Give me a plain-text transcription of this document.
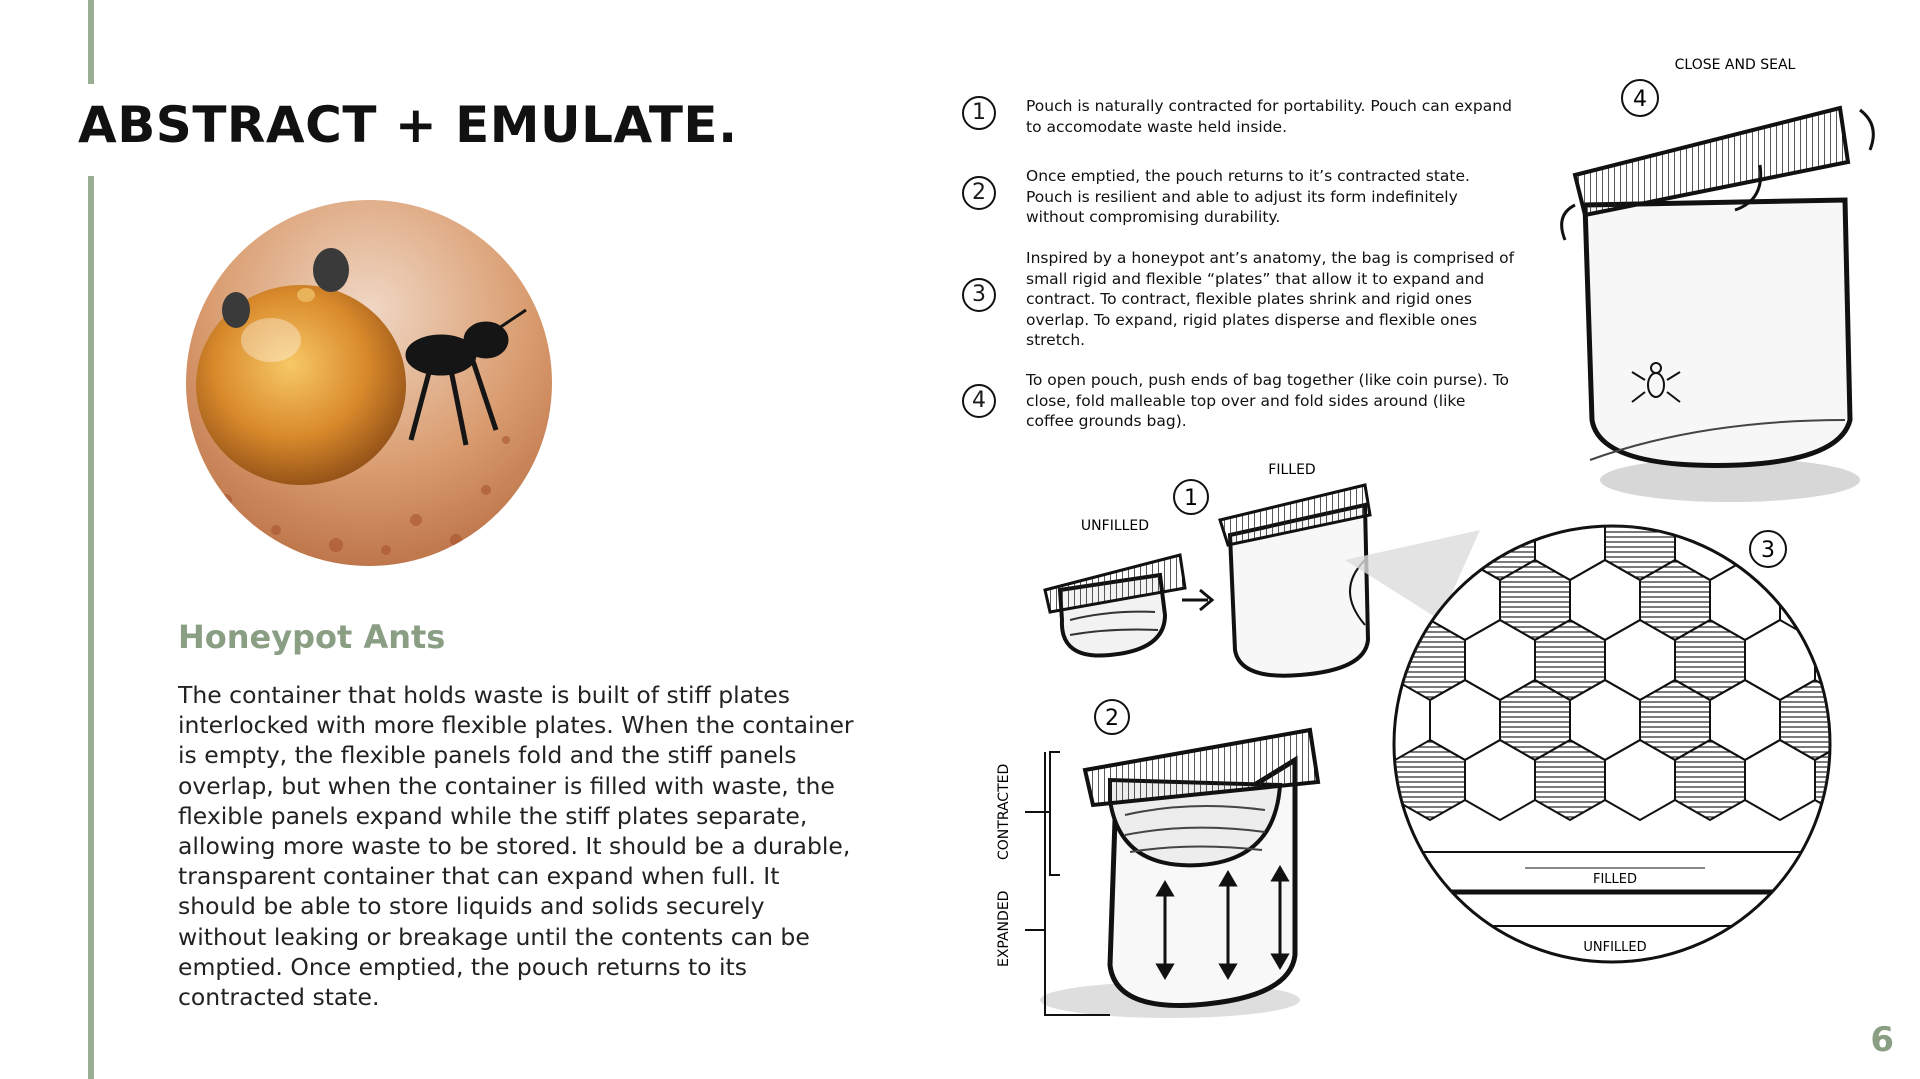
ABSTRACT + EMULATE.
Honeypot Ants
The container that holds waste is built of stiff plates interlocked with more flexible plates. When the container is empty, the flexible panels fold and the stiff panels overlap, but when the container is filled with waste, the flexible panels expand while the stiff plates separate, allowing more waste to be stored. It should be a durable, transparent container that can expand when full. It should be able to store liquids and solids securely without leaking or breakage until the contents can be emptied. Once emptied, the pouch returns to its contracted state.
1	Pouch is naturally contracted for portability. Pouch can expand to accomodate waste held inside.
2
Once emptied, the pouch returns to it’s contracted state. Pouch is resilient and able to adjust its form indefinitely without compromising durability.
3
Inspired by a honeypot ant’s anatomy, the bag is comprised of small rigid and flexible “plates” that allow it to expand and contract. To contract, flexible plates shrink and rigid ones overlap. To expand, rigid plates disperse and flexible ones stretch.
4
To open pouch, push ends of bag together (like coin purse). To close, fold malleable top over and fold sides around (like coffee grounds bag).
4
CLOSE AND SEAL
UNFILLED
FILLED
1
2
CONTRACTED
EXPANDED
FILLED
UNFILLED
3
6
